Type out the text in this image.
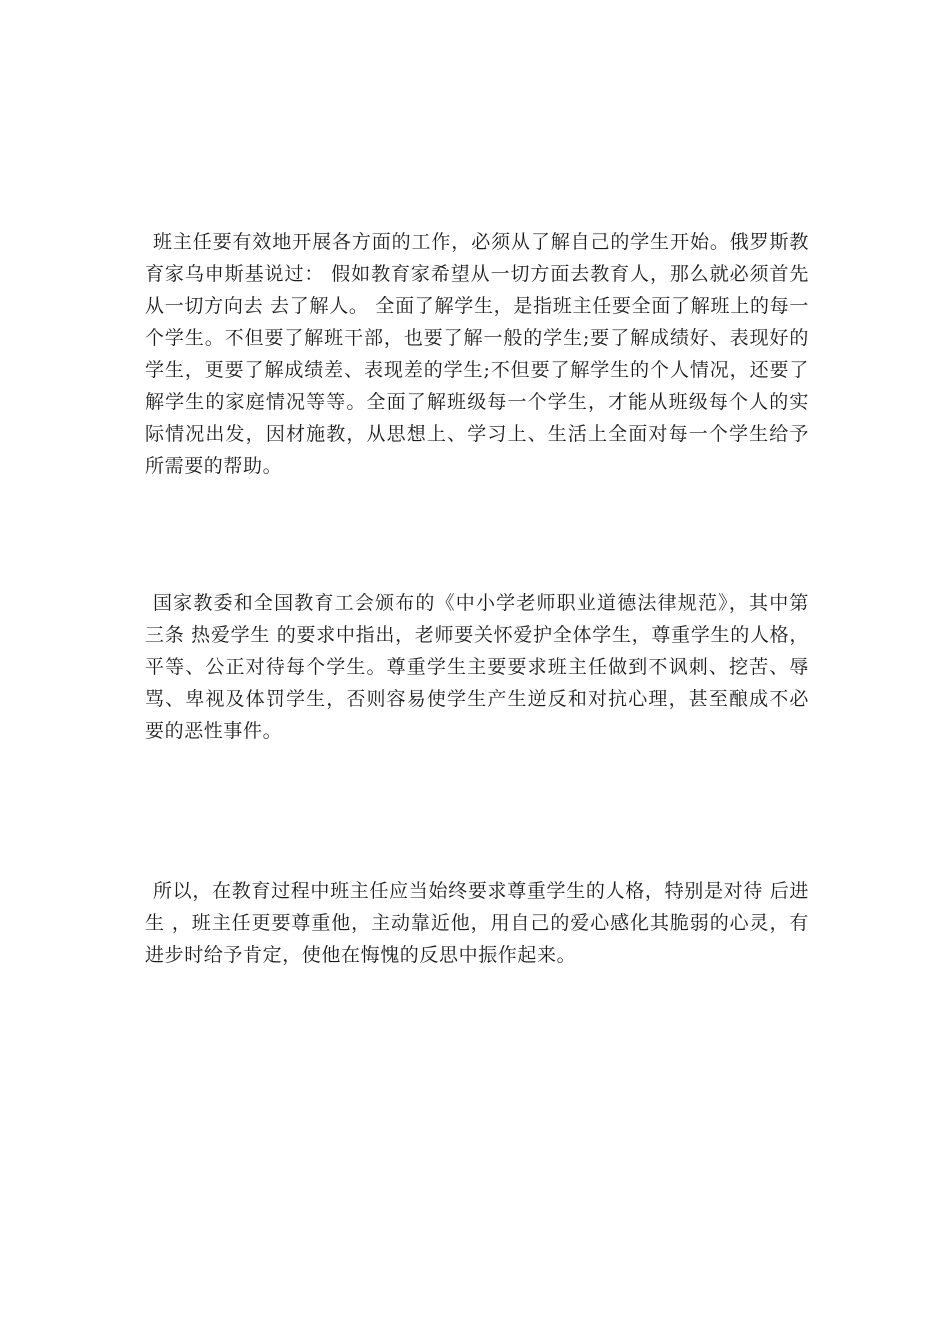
班主任要有效地开展各方面的工作，必须从了解自己的学生开始。俄罗斯教育家乌申斯基说过： 假如教育家希望从一切方面去教育人，那么就必须首先从一切方向去 去了解人。 全面了解学生，是指班主任要全面了解班上的每一个学生。不但要了解班干部，也要了解一般的学生;要了解成绩好、表现好的学生，更要了解成绩差、表现差的学生;不但要了解学生的个人情况，还要了解学生的家庭情况等等。全面了解班级每一个学生，才能从班级每个人的实际情况出发，因材施教，从思想上、学习上、生活上全面对每一个学生给予所需要的帮助。

国家教委和全国教育工会颁布的《中小学老师职业道德法律规范》，其中第三条 热爱学生 的要求中指出，老师要关怀爱护全体学生，尊重学生的人格，平等、公正对待每个学生。尊重学生主要要求班主任做到不讽刺、挖苦、辱骂、卑视及体罚学生，否则容易使学生产生逆反和对抗心理，甚至酿成不必要的恶性事件。

所以，在教育过程中班主任应当始终要求尊重学生的人格，特别是对待 后进生 ，班主任更要尊重他，主动靠近他，用自己的爱心感化其脆弱的心灵，有进步时给予肯定，使他在悔愧的反思中振作起来。
